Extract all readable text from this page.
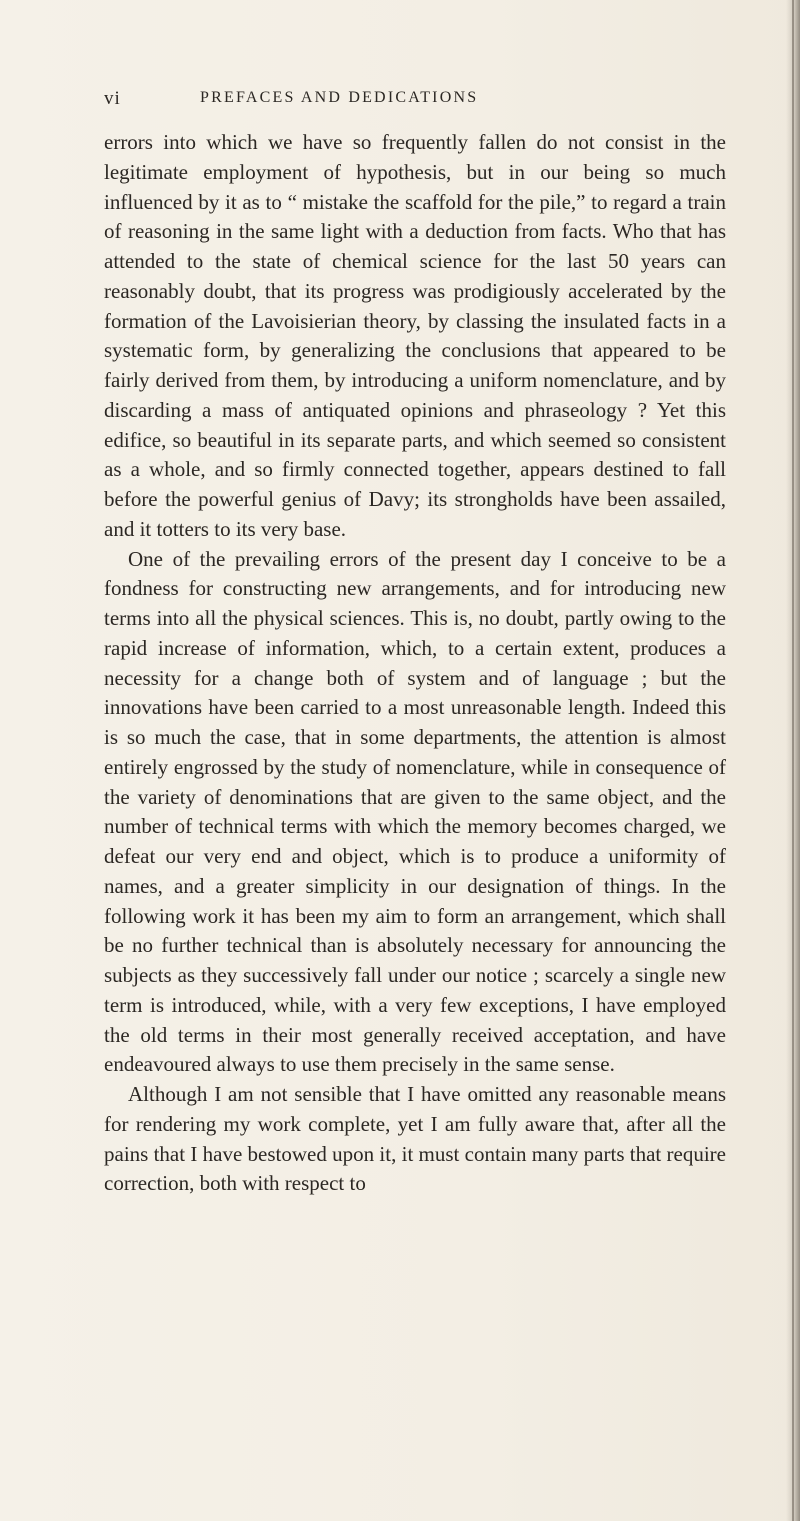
vi	PREFACES AND DEDICATIONS

errors into which we have so frequently fallen do not consist in the legitimate employment of hypothesis, but in our being so much influenced by it as to “ mistake the scaffold for the pile,” to regard a train of reasoning in the same light with a deduction from facts. Who that has attended to the state of chemical science for the last 50 years can reasonably doubt, that its progress was prodigiously accelerated by the formation of the Lavoisierian theory, by classing the insulated facts in a systematic form, by generalizing the conclusions that appeared to be fairly derived from them, by introducing a uniform nomenclature, and by discarding a mass of antiquated opinions and phraseology ? Yet this edifice, so beautiful in its separate parts, and which seemed so consistent as a whole, and so firmly connected together, appears destined to fall before the powerful genius of Davy; its strongholds have been assailed, and it totters to its very base.

One of the prevailing errors of the present day I conceive to be a fondness for constructing new arrangements, and for introducing new terms into all the physical sciences. This is, no doubt, partly owing to the rapid increase of information, which, to a certain extent, produces a necessity for a change both of system and of language ; but the innovations have been carried to a most unreasonable length. Indeed this is so much the case, that in some departments, the attention is almost entirely engrossed by the study of nomenclature, while in consequence of the variety of denominations that are given to the same object, and the number of technical terms with which the memory becomes charged, we defeat our very end and object, which is to produce a uniformity of names, and a greater simplicity in our designation of things. In the following work it has been my aim to form an arrangement, which shall be no further technical than is absolutely necessary for announcing the subjects as they successively fall under our notice ; scarcely a single new term is introduced, while, with a very few exceptions, I have employed the old terms in their most generally received acceptation, and have endeavoured always to use them precisely in the same sense.

Although I am not sensible that I have omitted any reasonable means for rendering my work complete, yet I am fully aware that, after all the pains that I have bestowed upon it, it must contain many parts that require correction, both with respect to
